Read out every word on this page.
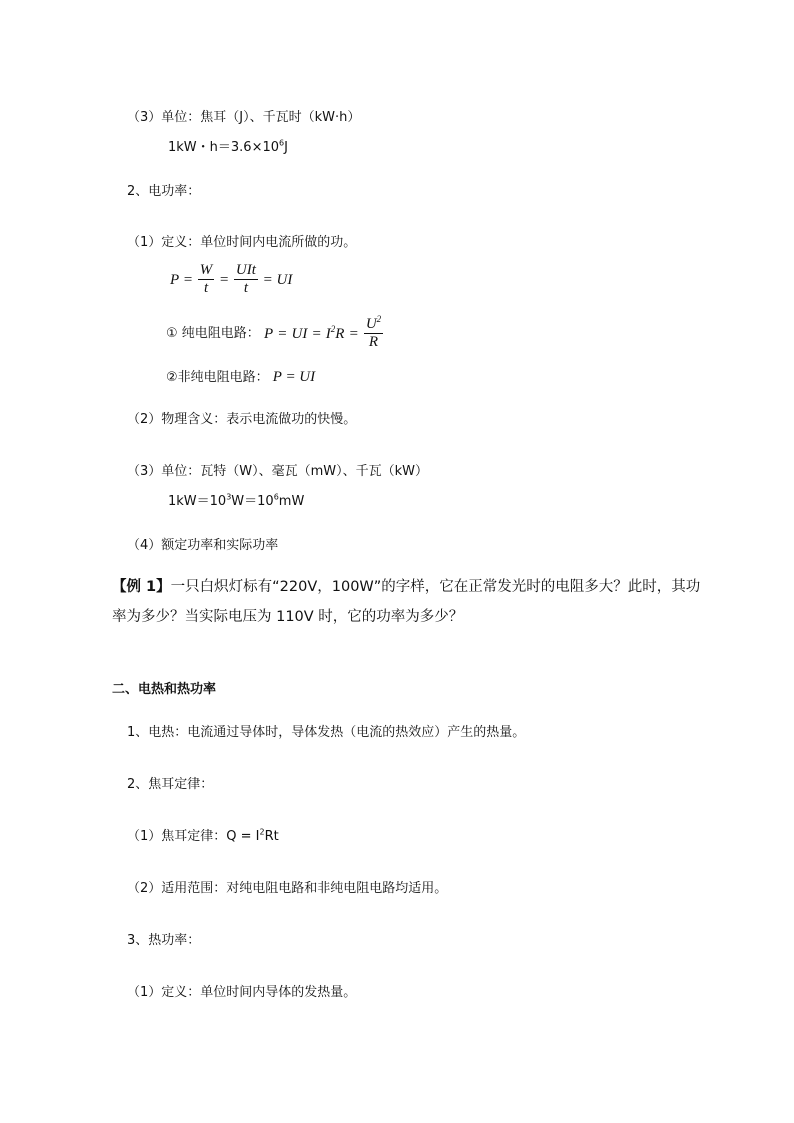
（3）单位：焦耳（J）、千瓦时（kW·h）
1kW・$h=3.6\times 10^6J$
2、电功率：
（1）定义：单位时间内电流所做的功。
$P = \frac{W}{t} = \frac{\text{UIt}}{t}$ = UI
① 纯电阻电路： P = UI = $I^2R = \frac{U^2}{R}$
②非纯电阻电路： P = UI
（2）物理含义：表示电流做功的快慢。
（3）单位：瓦特（W）、毫瓦（mW）、千瓦（kW）
$1kW=10^3W=10^6mW$
（4）额定功率和实际功率
【例 1】一只白炽灯标有“220V，100W”的字样，它在正常发光时的电阻多大？此时，其功
率为多少？当实际电压为 110V 时，它的功率为多少？
二、电热和热功率
1、电热：电流通过导体时，导体发热（电流的热效应）产生的热量。
2、焦耳定律：
（1）焦耳定律：$Q = I^2Rt$
（2）适用范围：对纯电阻电路和非纯电阻电路均适用。
3、热功率：
（1）定义：单位时间内导体的发热量。
